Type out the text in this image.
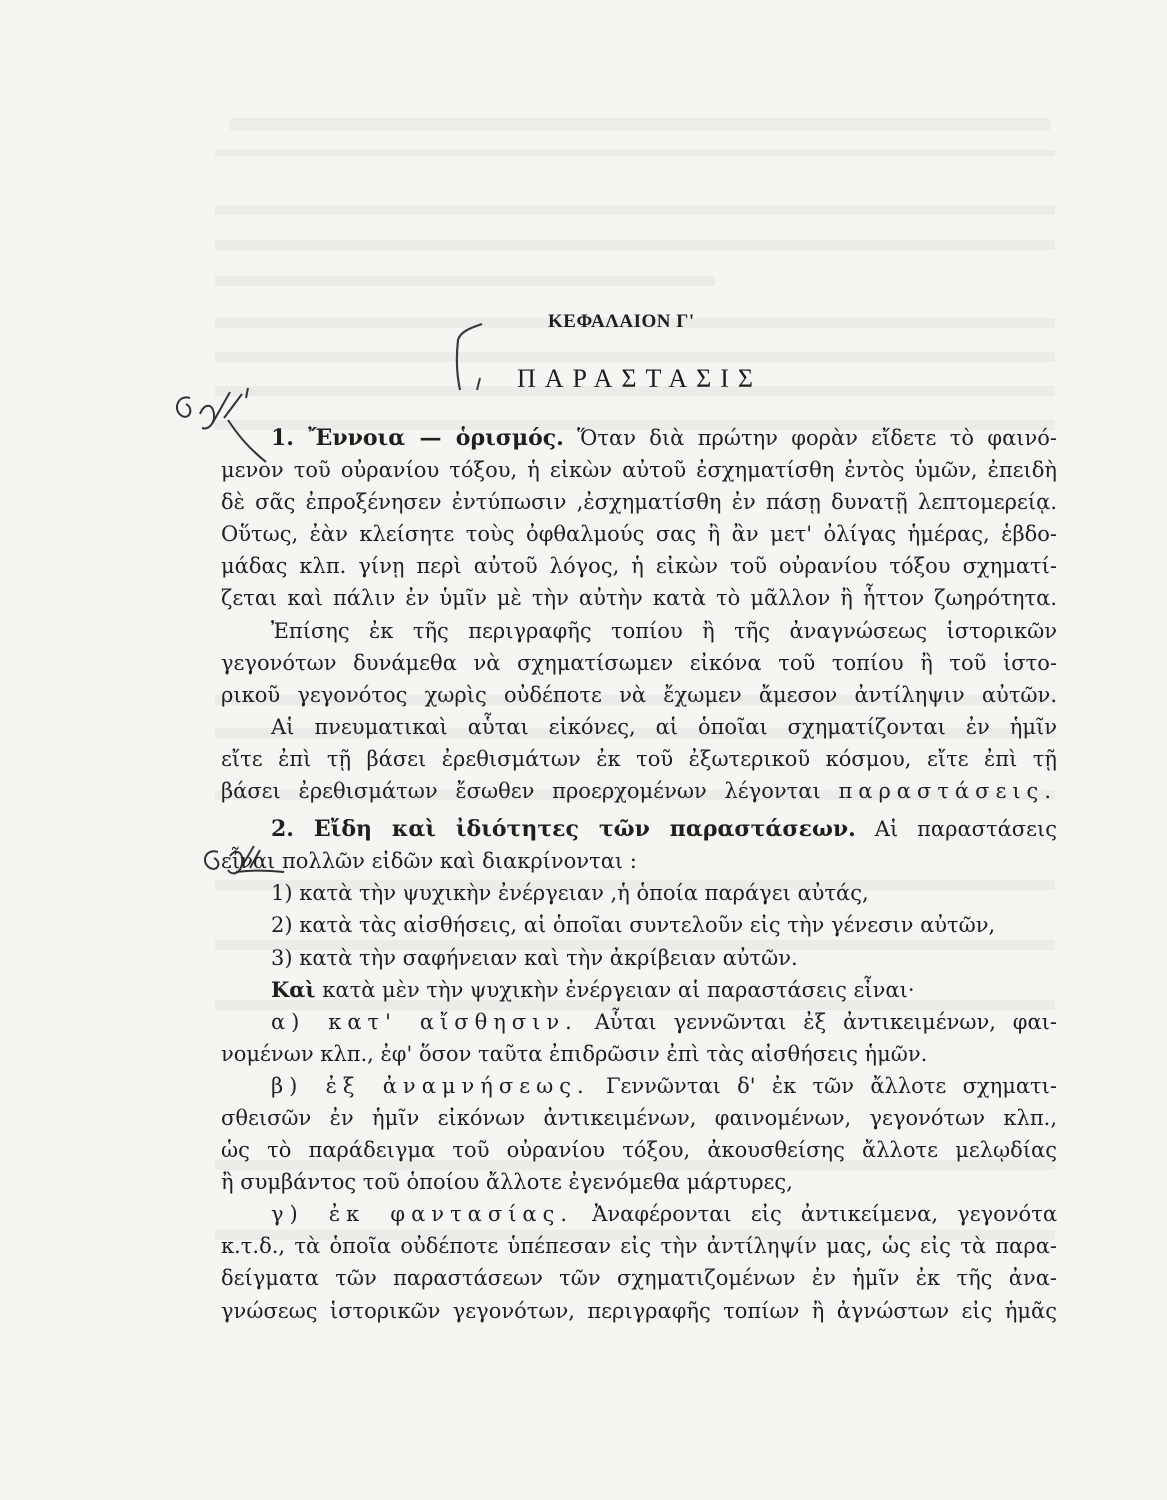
ΚΕΦΑΛΑΙΟΝ Γ'
ΠΑΡΑΣΤΑΣΙΣ
1. Ἔννοια — ὁρισμός. Ὅταν διὰ πρώτην φορὰν εἴδετε τὸ φαινό-
μενον τοῦ οὐρανίου τόξου, ἡ εἰκὼν αὐτοῦ ἐσχηματίσθη ἐντὸς ὑμῶν, ἐπειδὴ
δὲ σᾶς ἐπροξένησεν ἐντύπωσιν ,ἐσχηματίσθη ἐν πάσῃ δυνατῇ λεπτομερείᾳ.
Οὕτως, ἐὰν κλείσητε τοὺς ὀφθαλμούς σας ἢ ἂν μετ' ὀλίγας ἡμέρας, ἑβδο-
μάδας κλπ. γίνῃ περὶ αὐτοῦ λόγος, ἡ εἰκὼν τοῦ οὐρανίου τόξου σχηματί-
ζεται καὶ πάλιν ἐν ὑμῖν μὲ τὴν αὐτὴν κατὰ τὸ μᾶλλον ἢ ἧττον ζωηρότητα.
Ἐπίσης ἐκ τῆς περιγραφῆς τοπίου ἢ τῆς ἀναγνώσεως ἱστορικῶν
γεγονότων δυνάμεθα νὰ σχηματίσωμεν εἰκόνα τοῦ τοπίου ἢ τοῦ ἱστο-
ρικοῦ γεγονότος χωρὶς οὐδέποτε νὰ ἔχωμεν ἄμεσον ἀντίληψιν αὐτῶν.
Αἱ πνευματικαὶ αὗται εἰκόνες, αἱ ὁποῖαι σχηματίζονται ἐν ἡμῖν
εἴτε ἐπὶ τῇ βάσει ἐρεθισμάτων ἐκ τοῦ ἐξωτερικοῦ κόσμου, εἴτε ἐπὶ τῇ
βάσει ἐρεθισμάτων ἔσωθεν προερχομένων λέγονται παραστάσεις.
2. Εἴδη καὶ ἰδιότητες τῶν παραστάσεων. Αἱ παραστάσεις
εἶναι πολλῶν εἰδῶν καὶ διακρίνονται :
1) κατὰ τὴν ψυχικὴν ἐνέργειαν ,ἡ ὁποία παράγει αὐτάς,
2) κατὰ τὰς αἰσθήσεις, αἱ ὁποῖαι συντελοῦν εἰς τὴν γένεσιν αὐτῶν,
3) κατὰ τὴν σαφήνειαν καὶ τὴν ἀκρίβειαν αὐτῶν.
Καὶ κατὰ μὲν τὴν ψυχικὴν ἐνέργειαν αἱ παραστάσεις εἶναι·
α) κατ' αἴσθησιν. Αὗται γεννῶνται ἐξ ἀντικειμένων, φαι-
νομένων κλπ., ἐφ' ὅσον ταῦτα ἐπιδρῶσιν ἐπὶ τὰς αἰσθήσεις ἡμῶν.
β) ἐξ ἀναμνήσεως. Γεννῶνται δ' ἐκ τῶν ἄλλοτε σχηματι-
σθεισῶν ἐν ἡμῖν εἰκόνων ἀντικειμένων, φαινομένων, γεγονότων κλπ.,
ὡς τὸ παράδειγμα τοῦ οὐρανίου τόξου, ἀκουσθείσης ἄλλοτε μελῳδίας
ἢ συμβάντος τοῦ ὁποίου ἄλλοτε ἐγενόμεθα μάρτυρες,
γ) ἐκ φαντασίας. Ἀναφέρονται εἰς ἀντικείμενα, γεγονότα
κ.τ.δ., τὰ ὁποῖα οὐδέποτε ὑπέπεσαν εἰς τὴν ἀντίληψίν μας, ὡς εἰς τὰ παρα-
δείγματα τῶν παραστάσεων τῶν σχηματιζομένων ἐν ἡμῖν ἐκ τῆς ἀνα-
γνώσεως ἱστορικῶν γεγονότων, περιγραφῆς τοπίων ἢ ἀγνώστων εἰς ἡμᾶς
